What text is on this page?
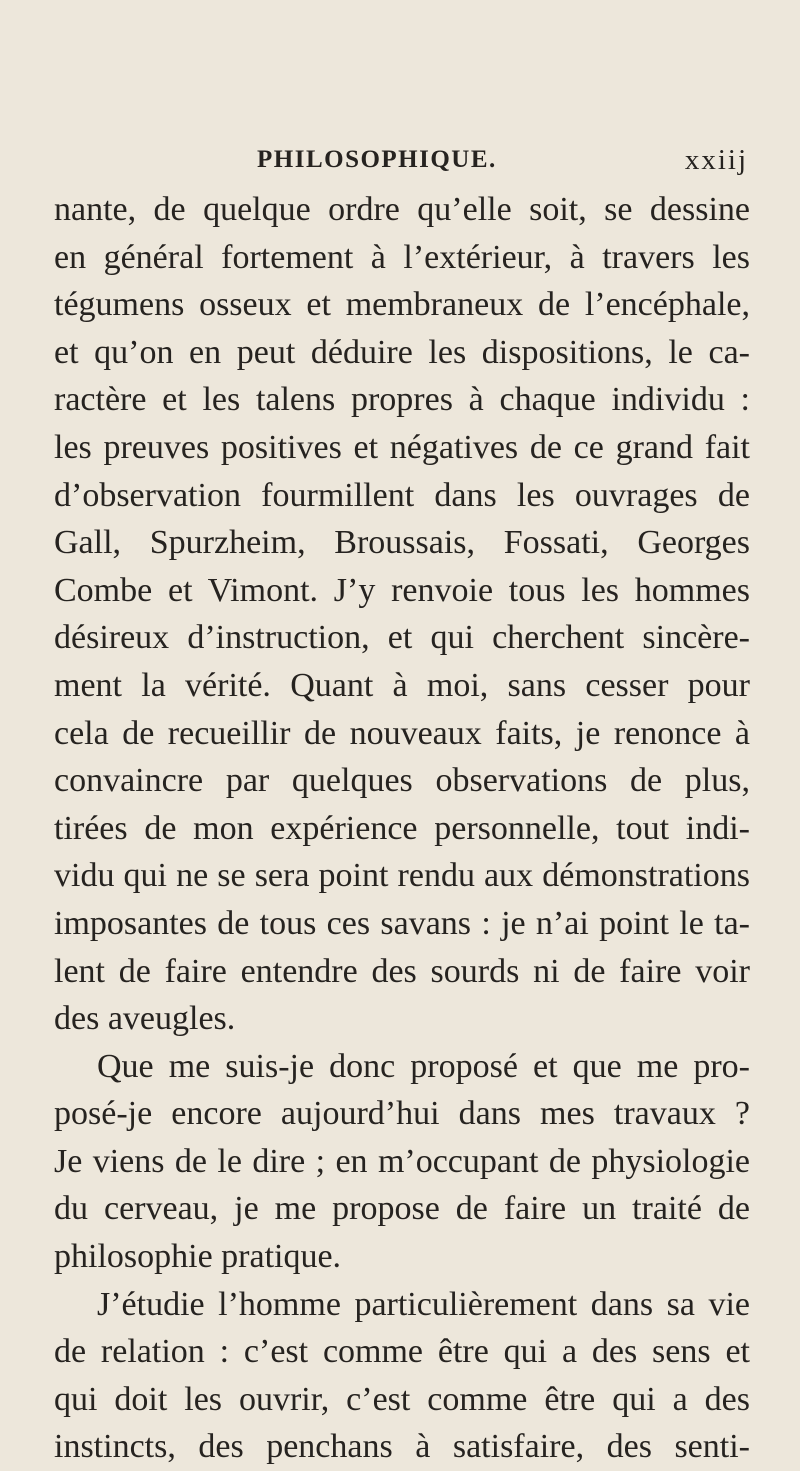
PHILOSOPHIQUE.	xxiij
nante, de quelque ordre qu’elle soit, se dessine
en général fortement à l’extérieur, à travers les
tégumens osseux et membraneux de l’encéphale,
et qu’on en peut déduire les dispositions, le ca-
ractère et les talens propres à chaque individu :
les preuves positives et négatives de ce grand fait
d’observation fourmillent dans les ouvrages de
Gall, Spurzheim, Broussais, Fossati, Georges
Combe et Vimont. J’y renvoie tous les hommes
désireux d’instruction, et qui cherchent sincère-
ment la vérité. Quant à moi, sans cesser pour
cela de recueillir de nouveaux faits, je renonce à
convaincre par quelques observations de plus,
tirées de mon expérience personnelle, tout indi-
vidu qui ne se sera point rendu aux démonstrations
imposantes de tous ces savans : je n’ai point le ta-
lent de faire entendre des sourds ni de faire voir
des aveugles.
Que me suis-je donc proposé et que me pro-
posé-je encore aujourd’hui dans mes travaux ?
Je viens de le dire ; en m’occupant de physiologie
du cerveau, je me propose de faire un traité de
philosophie pratique.
J’étudie l’homme particulièrement dans sa vie
de relation : c’est comme être qui a des sens et
qui doit les ouvrir, c’est comme être qui a des
instincts, des penchans à satisfaire, des senti-
